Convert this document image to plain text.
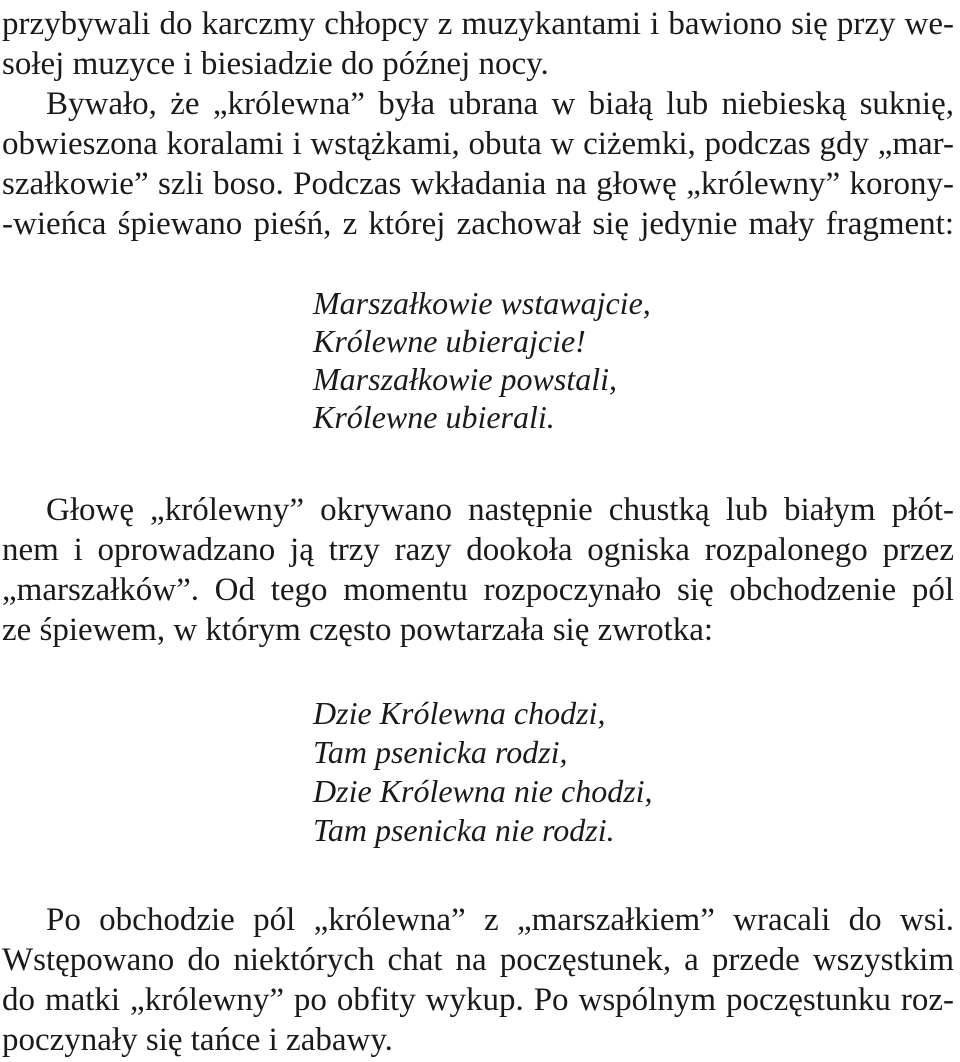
przybywali do karczmy chłopcy z muzykantami i bawiono się przy we-
sołej muzyce i biesiadzie do późnej nocy.
Bywało, że „królewna” była ubrana w białą lub niebieską suknię,
obwieszona koralami i wstążkami, obuta w ciżemki, podczas gdy „mar-
szałkowie” szli boso. Podczas wkładania na głowę „królewny” korony-
-wieńca śpiewano pieśń, z której zachował się jedynie mały fragment:
Marszałkowie wstawajcie,
Królewne ubierajcie!
Marszałkowie powstali,
Królewne ubierali.
Głowę „królewny” okrywano następnie chustką lub białym płót-
nem i oprowadzano ją trzy razy dookoła ogniska rozpalonego przez
„marszałków”. Od tego momentu rozpoczynało się obchodzenie pól
ze śpiewem, w którym często powtarzała się zwrotka:
Dzie Królewna chodzi,
Tam psenicka rodzi,
Dzie Królewna nie chodzi,
Tam psenicka nie rodzi.
Po obchodzie pól „królewna” z „marszałkiem” wracali do wsi.
Wstępowano do niektórych chat na poczęstunek, a przede wszystkim
do matki „królewny” po obfity wykup. Po wspólnym poczęstunku roz-
poczynały się tańce i zabawy.
